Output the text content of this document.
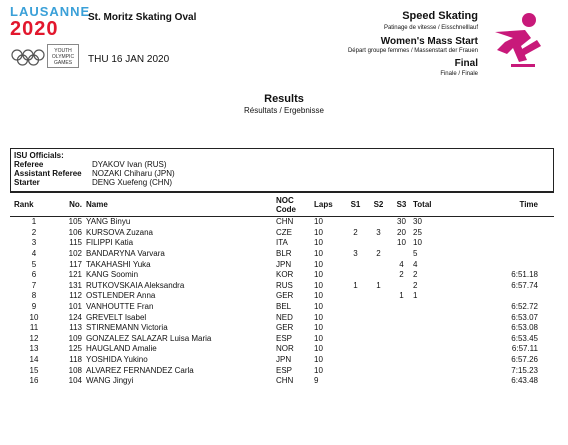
LAUSANNE
2020
YOUTH OLYMPIC GAMES
St. Moritz Skating Oval
THU 16 JAN 2020
Speed Skating
Patinage de vitesse / Eisschnelllauf
Women's Mass Start
Départ groupe femmes / Massenstart der Frauen
Final
Finale / Finale
Results
Résultats / Ergebnisse
ISU Officials:
Referee	DYAKOV Ivan (RUS)
Assistant Referee NOZAKI Chiharu (JPN)
Starter	DENG Xuefeng (CHN)
Rank	No.	Name	NOC Code	Laps	S1	S2	S3	Total	Time
1	105	YANG Binyu	CHN	10			30	30	
2	106	KURSOVA Zuzana	CZE	10	2	3	20	25	
3	115	FILIPPI Katia	ITA	10			10	10	
4	102	BANDARYNA Varvara	BLR	10	3	2		5	
5	117	TAKAHASHI Yuka	JPN	10			4	4	
6	121	KANG Soomin	KOR	10			2	2	6:51.18
7	131	RUTKOVSKAIA Aleksandra	RUS	10	1	1		2	6:57.74
8	112	OSTLENDER Anna	GER	10			1	1	
9	101	VANHOUTTE Fran	BEL	10					6:52.72
10	124	GREVELT Isabel	NED	10					6:53.07
11	113	STIRNEMANN Victoria	GER	10					6:53.08
12	109	GONZALEZ SALAZAR Luisa Maria	ESP	10					6:53.45
13	125	HAUGLAND Amalie	NOR	10					6:57.11
14	118	YOSHIDA Yukino	JPN	10					6:57.26
15	108	ALVAREZ FERNANDEZ Carla	ESP	10					7:15.23
16	104	WANG Jingyi	CHN	9					6:43.48
